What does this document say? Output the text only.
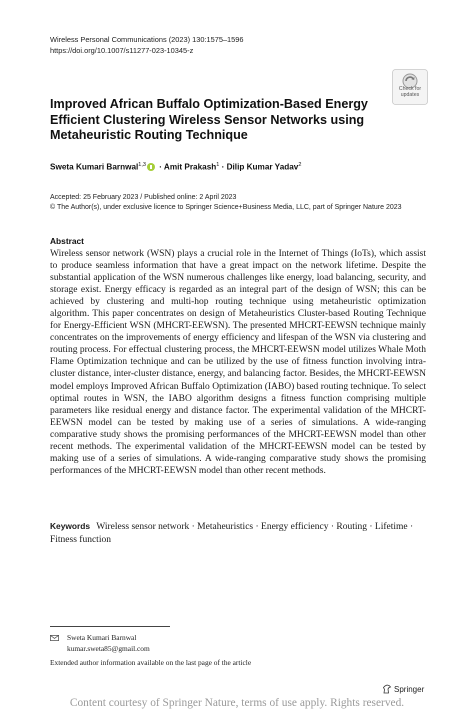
Wireless Personal Communications (2023) 130:1575–1596
https://doi.org/10.1007/s11277-023-10345-z
Check for
updates
Improved African Buffalo Optimization-Based Energy Efficient Clustering Wireless Sensor Networks using Metaheuristic Routing Technique
Sweta Kumari Barnwal$^{1,3}$ · Amit Prakash$^1$ · Dilip Kumar Yadav$^2$
Accepted: 25 February 2023 / Published online: 2 April 2023
© The Author(s), under exclusive licence to Springer Science+Business Media, LLC, part of Springer Nature 2023
Abstract
Wireless sensor network (WSN) plays a crucial role in the Internet of Things (IoTs), which assist to produce seamless information that have a great impact on the network lifetime. Despite the substantial application of the WSN numerous challenges like energy, load balancing, security, and storage exist. Energy efficacy is regarded as an integral part of the design of WSN; this can be achieved by clustering and multi-hop routing technique using metaheuristic optimization algorithm. This paper concentrates on design of Metaheuristics Cluster-based Routing Technique for Energy-Efficient WSN (MHCRT-EEWSN). The presented MHCRT-EEWSN technique mainly concentrates on the improvements of energy efficiency and lifespan of the WSN via clustering and routing process. For effectual clustering process, the MHCRT-EEWSN model utilizes Whale Moth Flame Optimization technique and can be utilized by the use of fitness function involving intra-cluster distance, inter-cluster distance, energy, and balancing factor. Besides, the MHCRT-EEWSN model employs Improved African Buffalo Optimization (IABO) based routing technique. To select optimal routes in WSN, the IABO algorithm designs a fitness function comprising multiple parameters like residual energy and distance factor. The experimental validation of the MHCRT-EEWSN model can be tested by making use of a series of simulations. A wide-ranging comparative study shows the promising performances of the MHCRT-EEWSN model than other recent methods. The experimental validation of the MHCRT-EEWSN model can be tested by making use of a series of simulations. A wide-ranging comparative study shows the promising performances of the MHCRT-EEWSN model than other recent methods.
Keywords Wireless sensor network · Metaheuristics · Energy efficiency · Routing · Lifetime · Fitness function
Sweta Kumari Barnwal
kumar.sweta85@gmail.com
Extended author information available on the last page of the article
Springer
Content courtesy of Springer Nature, terms of use apply. Rights reserved.
